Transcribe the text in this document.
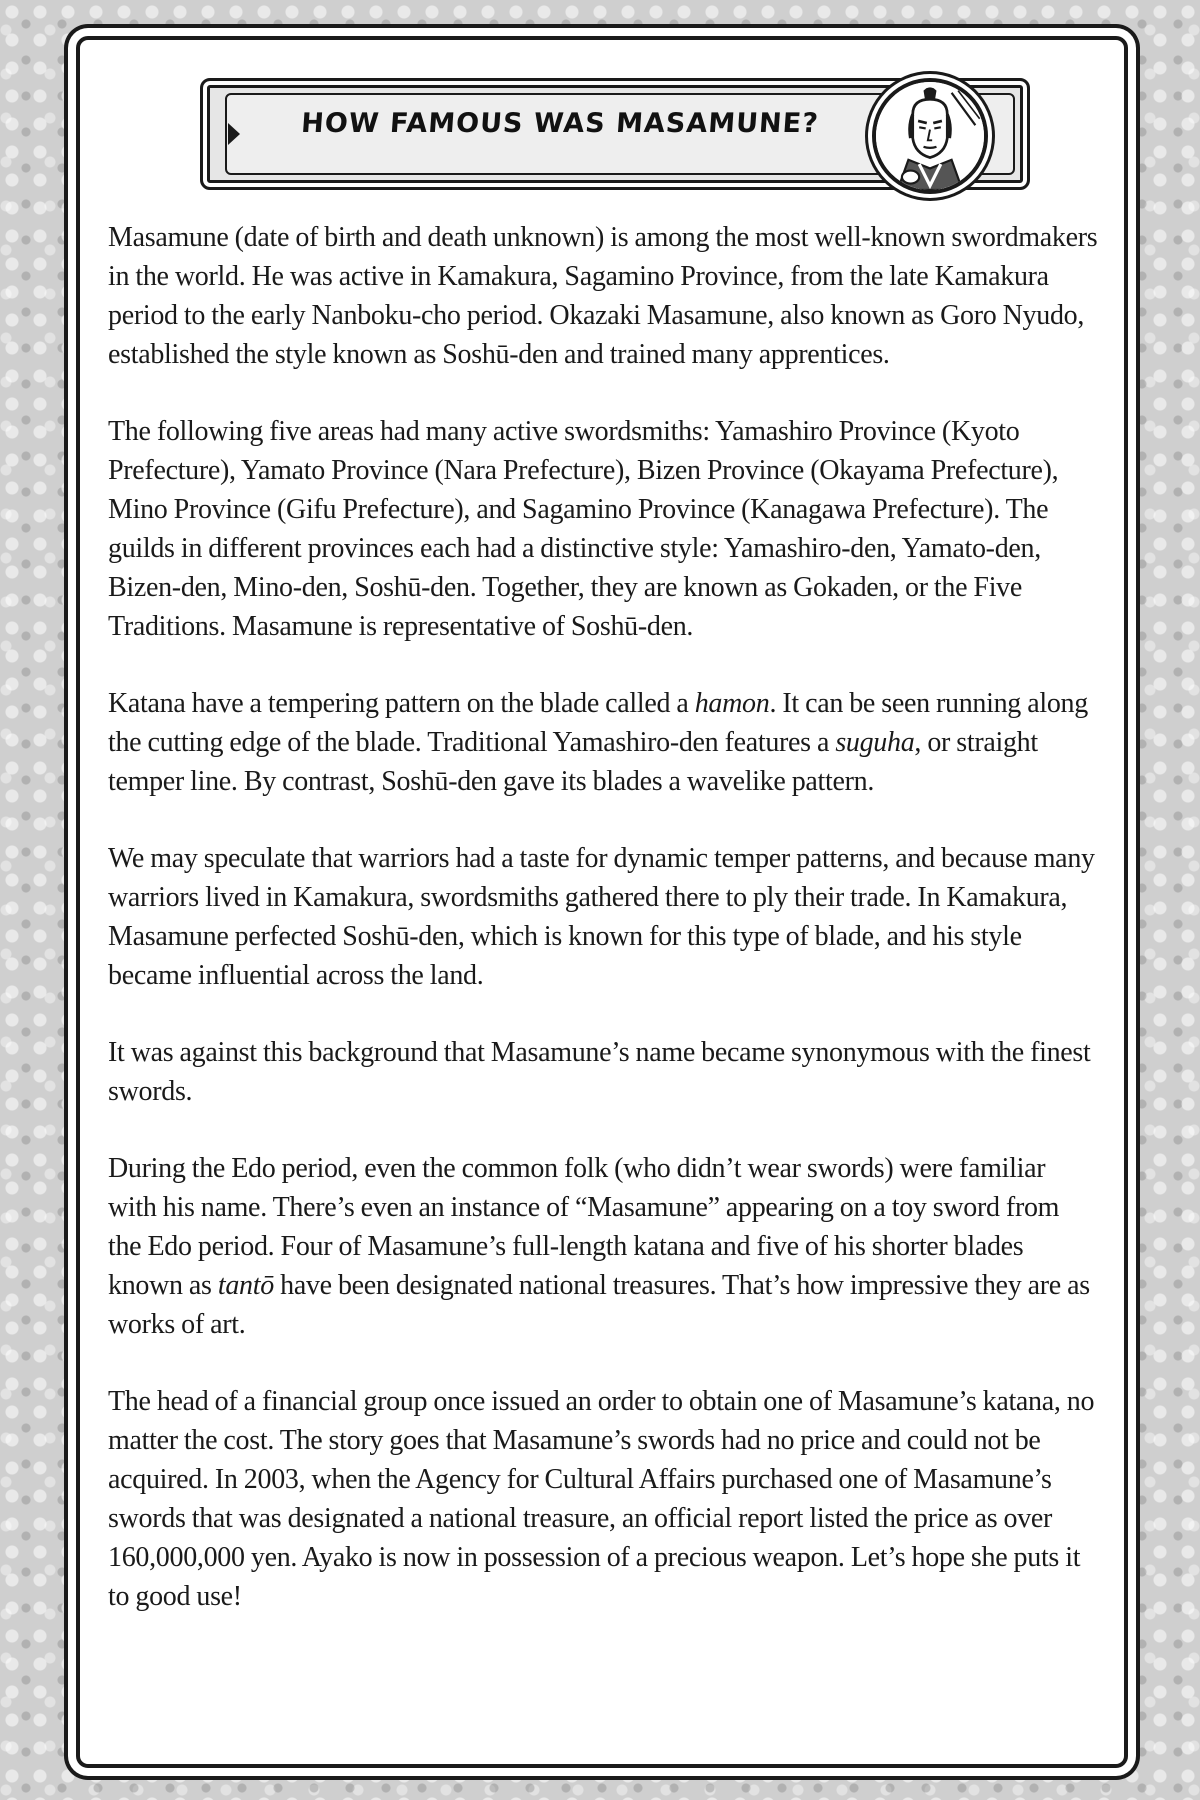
HOW FAMOUS WAS MASAMUNE?

Masamune (date of birth and death unknown) is among the most well-known swordmakers in the world. He was active in Kamakura, Sagamino Province, from the late Kamakura period to the early Nanboku-cho period. Okazaki Masamune, also known as Goro Nyudo, established the style known as Soshū-den and trained many apprentices.

The following five areas had many active swordsmiths: Yamashiro Province (Kyoto Prefecture), Yamato Province (Nara Prefecture), Bizen Province (Okayama Prefecture), Mino Province (Gifu Prefecture), and Sagamino Province (Kanagawa Prefecture). The guilds in different provinces each had a distinctive style: Yamashiro-den, Yamato-den, Bizen-den, Mino-den, Soshū-den. Together, they are known as Gokaden, or the Five Traditions. Masamune is representative of Soshū-den.

Katana have a tempering pattern on the blade called a hamon. It can be seen running along the cutting edge of the blade. Traditional Yamashiro-den features a suguha, or straight temper line. By contrast, Soshū-den gave its blades a wavelike pattern.

We may speculate that warriors had a taste for dynamic temper patterns, and because many warriors lived in Kamakura, swordsmiths gathered there to ply their trade. In Kamakura, Masamune perfected Soshū-den, which is known for this type of blade, and his style became influential across the land.

It was against this background that Masamune’s name became synonymous with the finest swords.

During the Edo period, even the common folk (who didn’t wear swords) were familiar with his name. There’s even an instance of “Masamune” appearing on a toy sword from the Edo period. Four of Masamune’s full-length katana and five of his shorter blades known as tantō have been designated national treasures. That’s how impressive they are as works of art.

The head of a financial group once issued an order to obtain one of Masamune’s katana, no matter the cost. The story goes that Masamune’s swords had no price and could not be acquired. In 2003, when the Agency for Cultural Affairs purchased one of Masamune’s swords that was designated a national treasure, an official report listed the price as over 160,000,000 yen. Ayako is now in possession of a precious weapon. Let’s hope she puts it to good use!
